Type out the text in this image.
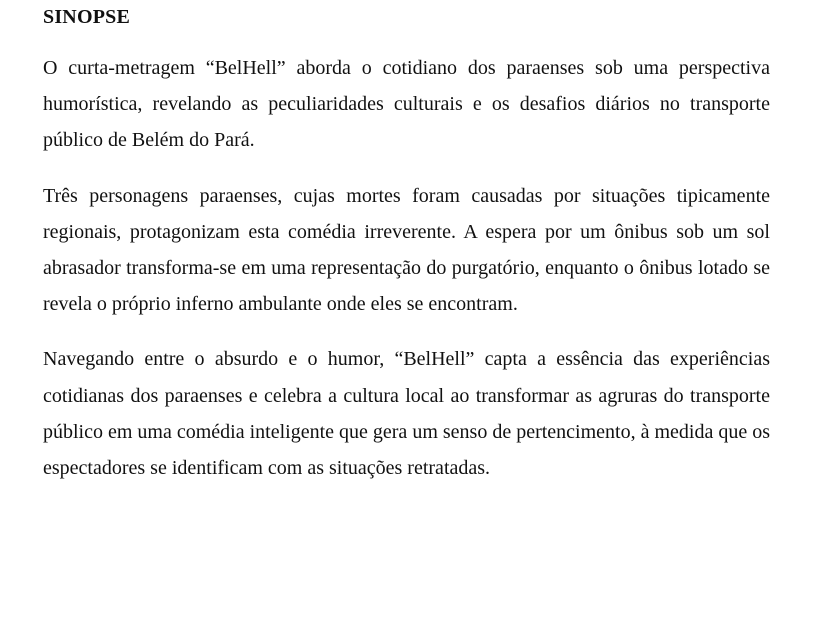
SINOPSE

O curta-metragem “BelHell” aborda o cotidiano dos paraenses sob uma perspectiva humorística, revelando as peculiaridades culturais e os desafios diários no transporte público de Belém do Pará.

Três personagens paraenses, cujas mortes foram causadas por situações tipicamente regionais, protagonizam esta comédia irreverente. A espera por um ônibus sob um sol abrasador transforma-se em uma representação do purgatório, enquanto o ônibus lotado se revela o próprio inferno ambulante onde eles se encontram.

Navegando entre o absurdo e o humor, “BelHell” capta a essência das experiências cotidianas dos paraenses e celebra a cultura local ao transformar as agruras do transporte público em uma comédia inteligente que gera um senso de pertencimento, à medida que os espectadores se identificam com as situações retratadas.
